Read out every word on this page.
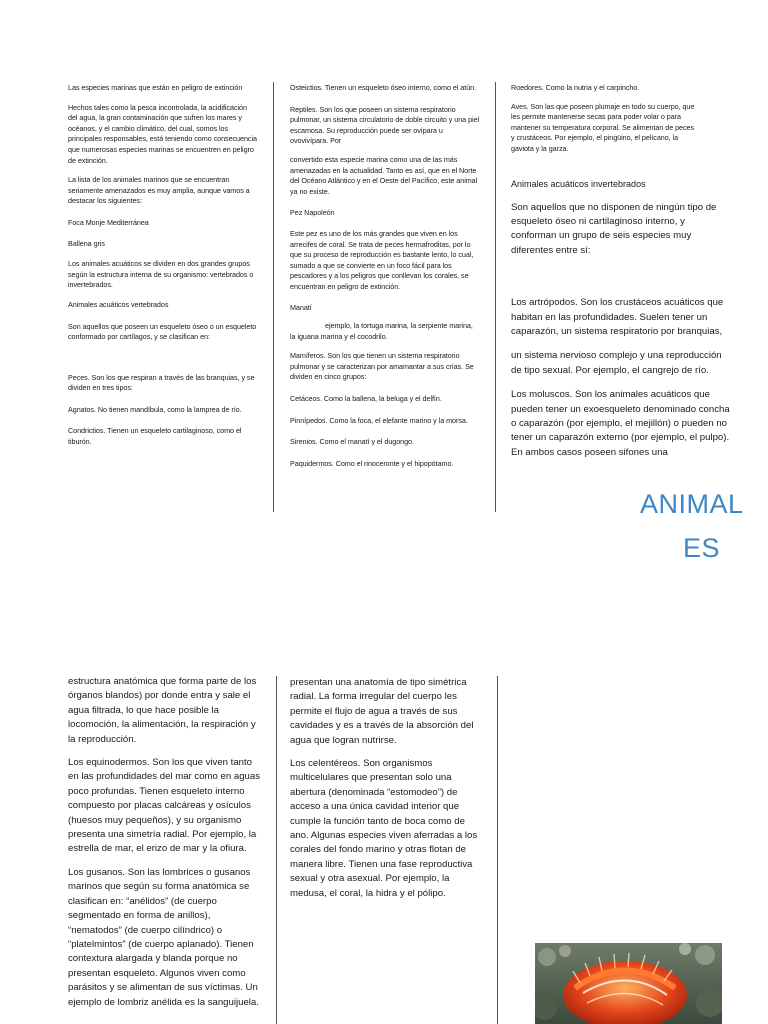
Las especies marinas que están en peligro de extinción

Hechos tales como la pesca incontrolada, la acidificación del agua, la gran contaminación que sufren los mares y océanos, y el cambio climático, del cual, somos los principales responsables, está teniendo como consecuencia que numerosas especies marinas se encuentren en peligro de extinción.

La lista de los animales marinos que se encuentran seriamente amenazados es muy amplia, aunque vamos a destacar los siguientes:

Foca Monje Mediterránea

Ballena gris

Los animales acuáticos se dividen en dos grandes grupos según la estructura interna de su organismo: vertebrados o invertebrados.

Animales acuáticos vertebrados

Son aquellos que poseen un esqueleto óseo o un esqueleto conformado por cartílagos, y se clasifican en:

Peces. Son los que respiran a través de las branquias, y se dividen en tres tipos:

Agnatos. No tienen mandíbula, como la lamprea de río.

Condrictios. Tienen un esqueleto cartilaginoso, como el tiburón.

Osteictios. Tienen un esqueleto óseo interno, como el atún.

Reptiles. Son los que poseen un sistema respiratorio pulmonar, un sistema circulatorio de doble circuito y una piel escamosa. Su reproducción puede ser ovípara u ovovivípara. Por

convertido esta especie marina como una de las más amenazadas en la actualidad. Tanto es así, que en el Norte del Océano Atlántico y en el Oeste del Pacífico, este animal ya no existe.

Pez Napoleón

Este pez es uno de los más grandes que viven en los arrecifes de coral. Se trata de peces hermafroditas, por lo que su proceso de reproducción es bastante lento, lo cual, sumado a que se convierte en un foco fácil para los pescadores y a los peligros que conllevan los corales, se encuentran en peligro de extinción.

Manatí

ejemplo, la tortuga marina, la serpiente marina, la iguana marina y el cocodrilo.

Mamíferos. Son los que tienen un sistema respiratorio pulmonar y se caracterizan por amamantar a sus crías. Se dividen en cinco grupos:

Cetáceos. Como la ballena, la beluga y el delfín.

Pinnípedos. Como la foca, el elefante marino y la morsa.

Sirenios. Como el manatí y el dugongo.

Paquidermos. Como el rinoceronte y el hipopótamo.

Roedores. Como la nutria y el carpincho.

Aves. Son las que poseen plumaje en todo su cuerpo, que les permite mantenerse secas para poder volar o para mantener su temperatura corporal. Se alimentan de peces y crustáceos. Por ejemplo, el pingüino, el pelícano, la gaviota y la garza.

Animales acuáticos invertebrados

Son aquellos que no disponen de ningún tipo de esqueleto óseo ni cartilaginoso interno, y conforman un grupo de seis especies muy diferentes entre sí:

Los artrópodos. Son los crustáceos acuáticos que habitan en las profundidades. Suelen tener un caparazón, un sistema respiratorio por branquias,

un sistema nervioso complejo y una reproducción de tipo sexual. Por ejemplo, el cangrejo de río.

Los moluscos. Son los animales acuáticos que pueden tener un exoesqueleto denominado concha o caparazón (por ejemplo, el mejillón) o pueden no tener un caparazón externo (por ejemplo, el pulpo). En ambos casos poseen sifones una

ANIMAL
ES

estructura anatómica que forma parte de los órganos blandos) por donde entra y sale el agua filtrada, lo que hace posible la locomoción, la alimentación, la respiración y la reproducción.

Los equinodermos. Son los que viven tanto en las profundidades del mar como en aguas poco profundas. Tienen esqueleto interno compuesto por placas calcáreas y osículos (huesos muy pequeños), y su organismo presenta una simetría radial. Por ejemplo, la estrella de mar, el erizo de mar y la ofiura.

Los gusanos. Son las lombrices o gusanos marinos que según su forma anatómica se clasifican en: “anélidos” (de cuerpo segmentado en forma de anillos), “nematodos” (de cuerpo cilíndrico) o “platelmintos” (de cuerpo aplanado). Tienen contextura alargada y blanda porque no presentan esqueleto. Algunos viven como parásitos y se alimentan de sus víctimas. Un ejemplo de lombriz anélida es la sanguijuela.

presentan una anatomía de tipo simétrica radial. La forma irregular del cuerpo les permite el flujo de agua a través de sus cavidades y es a través de la absorción del agua que logran nutrirse.

Los celentéreos. Son organismos multicelulares que presentan solo una abertura (denominada “estomodeo”) de acceso a una única cavidad interior que cumple la función tanto de boca como de ano. Algunas especies viven aferradas a los corales del fondo marino y otras flotan de manera libre. Tienen una fase reproductiva sexual y otra asexual. Por ejemplo, la medusa, el coral, la hidra y el pólipo.
